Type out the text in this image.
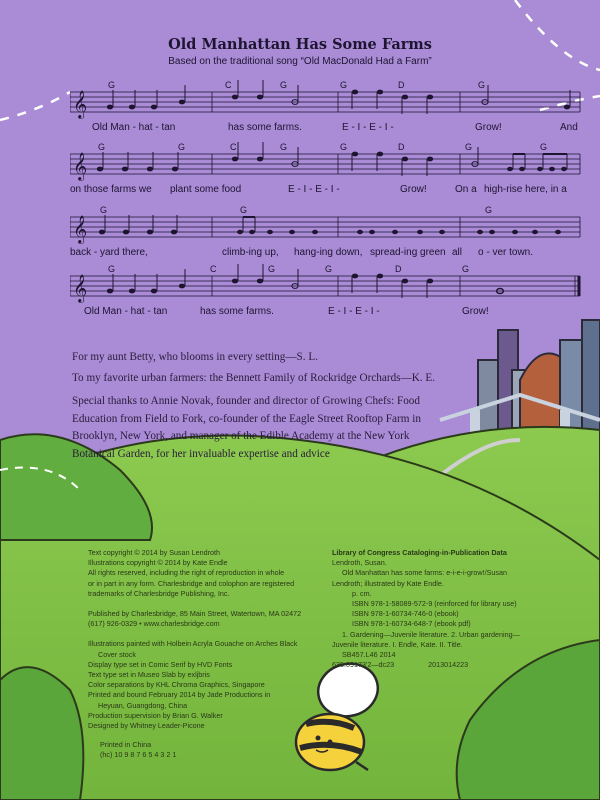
Old Manhattan Has Some Farms
Based on the traditional song “Old MacDonald Had a Farm”
𝄞
G	C	G	G	D	G
Old Man - hat - tan	has some farms.	E - I - E - I -	Grow!	And
𝄞
G	G	C	G	G	D	G	G
on those farms we plant some food	E - I - E - I -	Grow!	On a high-rise here, in a
𝄞
G	G	G
back - yard there,	climb-ing up, hang-ing down, spread-ing green all o - ver town.
𝄞
G	C	G	G	D	G
Old Man - hat - tan	has some farms.	E - I - E - I -	Grow!
For my aunt Betty, who blooms in every setting—S. L.
To my favorite urban farmers: the Bennett Family of Rockridge Orchards—K. E.
Special thanks to Annie Novak, founder and director of Growing Chefs: Food Education from Field to Fork, co-founder of the Eagle Street Rooftop Farm in Brooklyn, New York, and manager of the Edible Academy at the New York Botanical Garden, for her invaluable expertise and advice
Text copyright © 2014 by Susan Lendroth
Illustrations copyright © 2014 by Kate Endle
All rights reserved, including the right of reproduction in whole
or in part in any form. Charlesbridge and colophon are registered
trademarks of Charlesbridge Publishing, Inc.
Published by Charlesbridge, 85 Main Street, Watertown, MA 02472
(617) 926-0329 • www.charlesbridge.com
Illustrations painted with Holbein Acryla Gouache on Arches Black
Cover stock
Display type set in Comic Serif by HVD Fonts
Text type set in Museo Slab by exljbris
Color separations by KHL Chroma Graphics, Singapore
Printed and bound February 2014 by Jade Productions in
Heyuan, Guangdong, China
Production supervision by Brian G. Walker
Designed by Whitney Leader-Picone
Printed in China
(hc) 10 9 8 7 6 5 4 3 2 1
Library of Congress Cataloging-in-Publication Data
Lendroth, Susan.
Old Manhattan has some farms: e-i-e-i-grow!/Susan
Lendroth; illustrated by Kate Endle.
p. cm.
ISBN 978-1-58089-572-9 (reinforced for library use)
ISBN 978-1-60734-746-0 (ebook)
ISBN 978-1-60734-648-7 (ebook pdf)
1. Gardening—Juvenile literature. 2. Urban gardening—
Juvenile literature. I. Endle, Kate. II. Title.
SB457.L46 2014
635.09173'2—dc23	2013014223
